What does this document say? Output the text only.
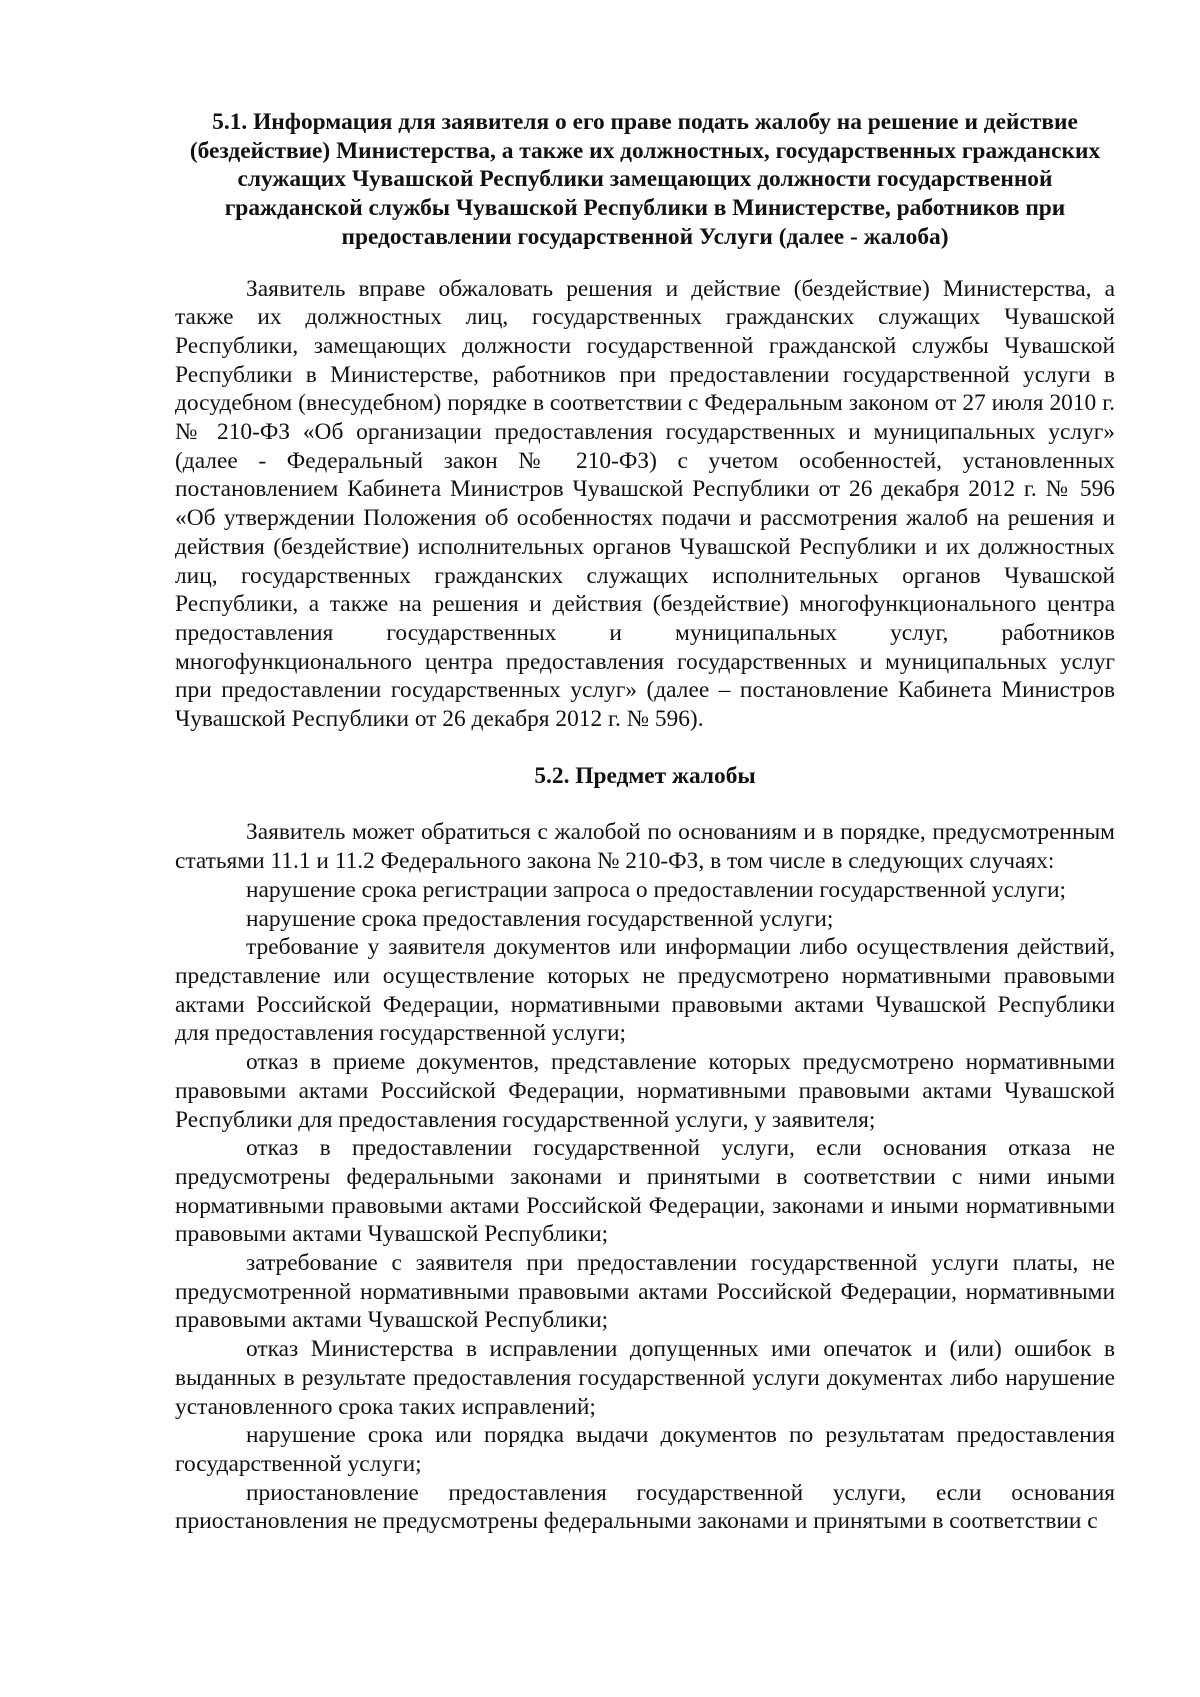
5.1. Информация для заявителя о его праве подать жалобу на решение и действие (бездействие) Министерства, а также их должностных, государственных гражданских служащих Чувашской Республики замещающих должности государственной гражданской службы Чувашской Республики в Министерстве, работников при предоставлении государственной Услуги (далее - жалоба)

Заявитель вправе обжаловать решения и действие (бездействие) Министерства, а также их должностных лиц, государственных гражданских служащих Чувашской Республики, замещающих должности государственной гражданской службы Чувашской Республики в Министерстве, работников при предоставлении государственной услуги в досудебном (внесудебном) порядке в соответствии с Федеральным законом от 27 июля 2010 г. № 210-ФЗ «Об организации предоставления государственных и муниципальных услуг» (далее - Федеральный закон № 210-ФЗ) с учетом особенностей, установленных постановлением Кабинета Министров Чувашской Республики от 26 декабря 2012 г. № 596 «Об утверждении Положения об особенностях подачи и рассмотрения жалоб на решения и действия (бездействие) исполнительных органов Чувашской Республики и их должностных лиц, государственных гражданских служащих исполнительных органов Чувашской Республики, а также на решения и действия (бездействие) многофункционального центра предоставления государственных и муниципальных услуг, работников многофункционального центра предоставления государственных и муниципальных услуг при предоставлении государственных услуг» (далее – постановление Кабинета Министров Чувашской Республики от 26 декабря 2012 г. № 596).

5.2. Предмет жалобы

Заявитель может обратиться с жалобой по основаниям и в порядке, предусмотренным статьями 11.1 и 11.2 Федерального закона № 210-ФЗ, в том числе в следующих случаях:

нарушение срока регистрации запроса о предоставлении государственной услуги;

нарушение срока предоставления государственной услуги;

требование у заявителя документов или информации либо осуществления действий, представление или осуществление которых не предусмотрено нормативными правовыми актами Российской Федерации, нормативными правовыми актами Чувашской Республики для предоставления государственной услуги;

отказ в приеме документов, представление которых предусмотрено нормативными правовыми актами Российской Федерации, нормативными правовыми актами Чувашской Республики для предоставления государственной услуги, у заявителя;

отказ в предоставлении государственной услуги, если основания отказа не предусмотрены федеральными законами и принятыми в соответствии с ними иными нормативными правовыми актами Российской Федерации, законами и иными нормативными правовыми актами Чувашской Республики;

затребование с заявителя при предоставлении государственной услуги платы, не предусмотренной нормативными правовыми актами Российской Федерации, нормативными правовыми актами Чувашской Республики;

отказ Министерства в исправлении допущенных ими опечаток и (или) ошибок в выданных в результате предоставления государственной услуги документах либо нарушение установленного срока таких исправлений;

нарушение срока или порядка выдачи документов по результатам предоставления государственной услуги;

приостановление предоставления государственной услуги, если основания приостановления не предусмотрены федеральными законами и принятыми в соответствии с
